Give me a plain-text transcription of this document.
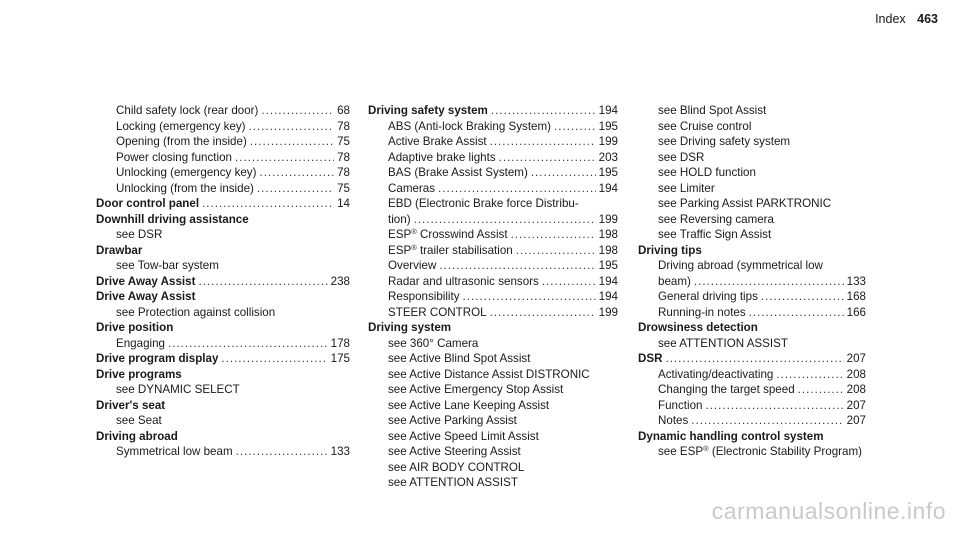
Index 463
Child safety lock (rear door) .....	68
Locking (emergency key) .....	78
Opening (from the inside) .....	75
Power closing function .....	78
Unlocking (emergency key) .....	78
Unlocking (from the inside) .....	75
Door control panel .....	14
Downhill driving assistance
see DSR
Drawbar
see Tow-bar system
Drive Away Assist .....	238
Drive Away Assist
see Protection against collision
Drive position
Engaging .....	178
Drive program display .....	175
Drive programs
see DYNAMIC SELECT
Driver's seat
see Seat
Driving abroad
Symmetrical low beam .....	133
Driving safety system .....	194
ABS (Anti-lock Braking System) .....	195
Active Brake Assist .....	199
Adaptive brake lights .....	203
BAS (Brake Assist System) .....	195
Cameras .....	194
EBD (Electronic Brake force Distribu-
tion) .....	199
ESP® Crosswind Assist .....	198
ESP® trailer stabilisation .....	198
Overview .....	195
Radar and ultrasonic sensors .....	194
Responsibility .....	194
STEER CONTROL .....	199
Driving system
see 360° Camera
see Active Blind Spot Assist
see Active Distance Assist DISTRONIC
see Active Emergency Stop Assist
see Active Lane Keeping Assist
see Active Parking Assist
see Active Speed Limit Assist
see Active Steering Assist
see AIR BODY CONTROL
see ATTENTION ASSIST
see Blind Spot Assist
see Cruise control
see Driving safety system
see DSR
see HOLD function
see Limiter
see Parking Assist PARKTRONIC
see Reversing camera
see Traffic Sign Assist
Driving tips
Driving abroad (symmetrical low
beam) .....	133
General driving tips .....	168
Running-in notes .....	166
Drowsiness detection
see ATTENTION ASSIST
DSR .....	207
Activating/deactivating .....	208
Changing the target speed .....	208
Function .....	207
Notes .....	207
Dynamic handling control system
see ESP® (Electronic Stability Program)
carmanualsonline.info
